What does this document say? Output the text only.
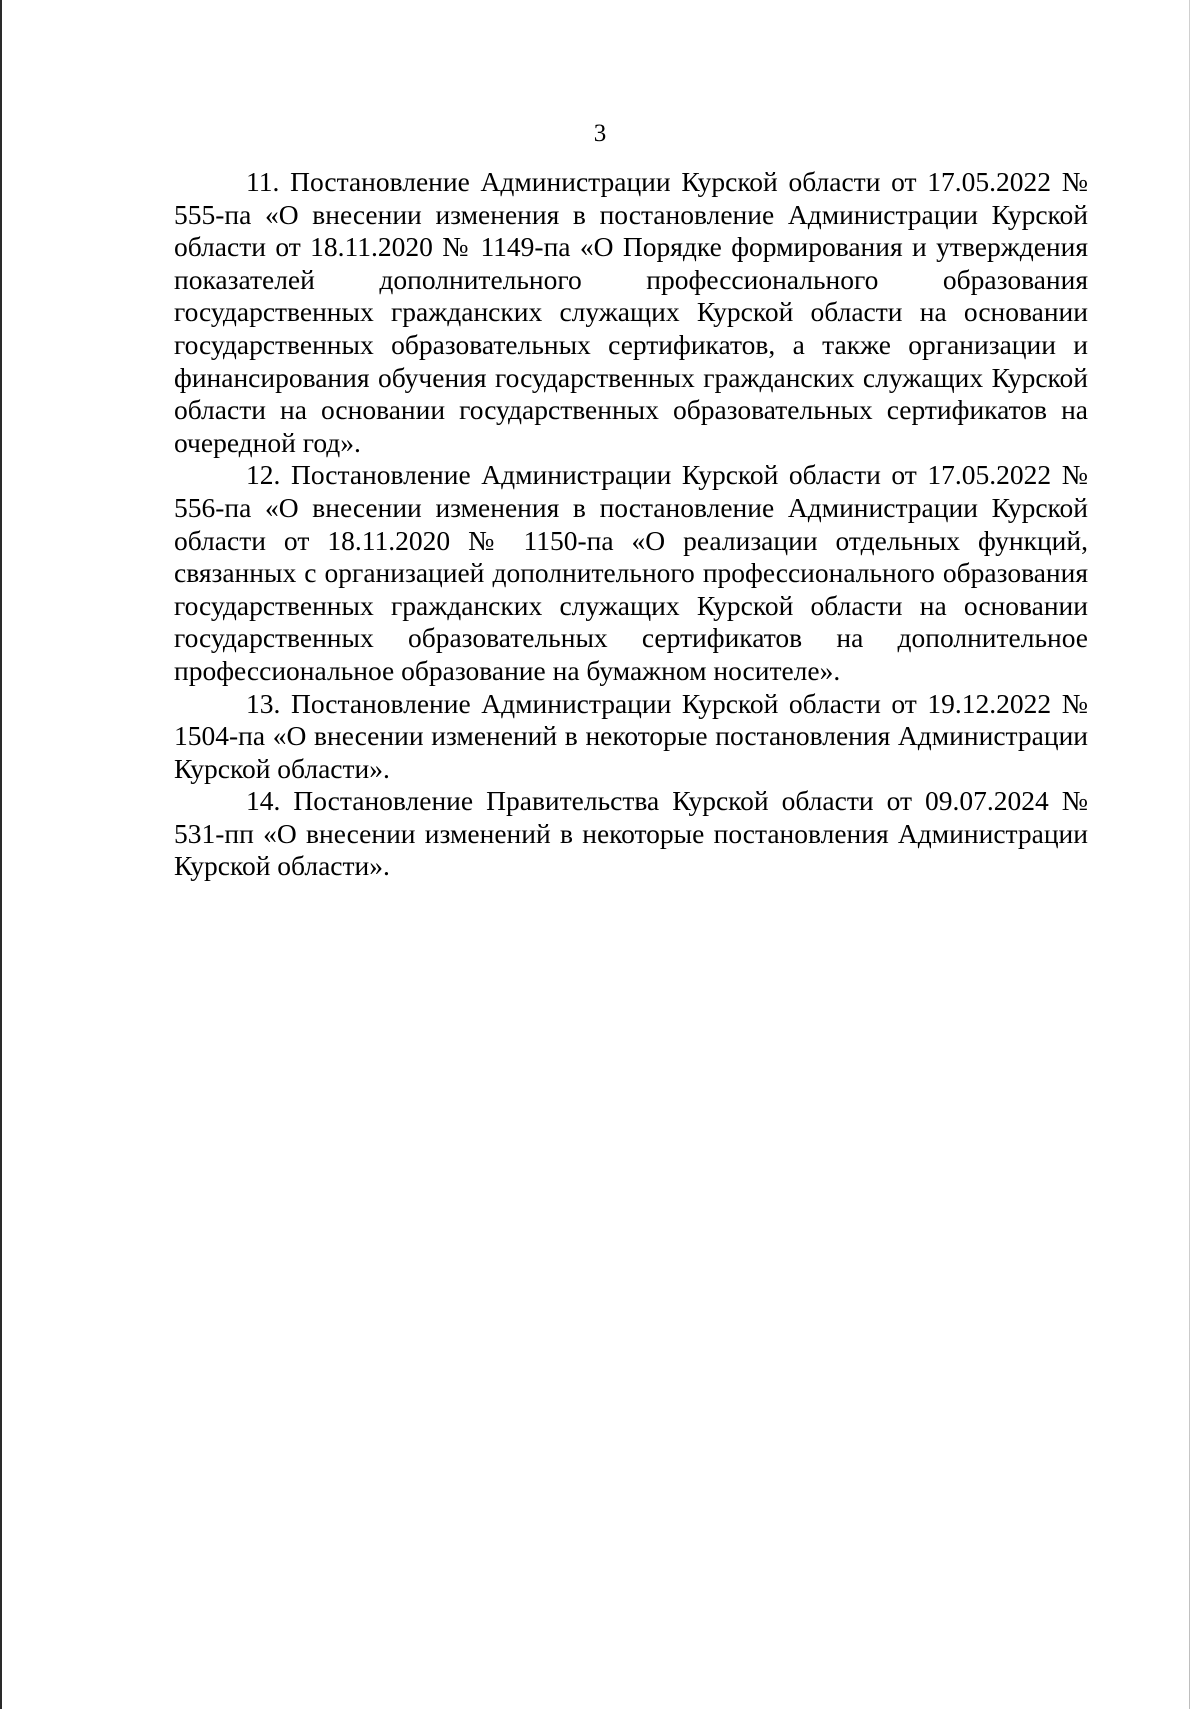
3

11. Постановление Администрации Курской области от 17.05.2022 № 555-па «О внесении изменения в постановление Администрации Курской области от 18.11.2020 № 1149-па «О Порядке формирования и утверждения показателей дополнительного профессионального образования государственных гражданских служащих Курской области на основании государственных образовательных сертификатов, а также организации и финансирования обучения государственных гражданских служащих Курской области на основании государственных образовательных сертификатов на очередной год».

12. Постановление Администрации Курской области от 17.05.2022 № 556-па «О внесении изменения в постановление Администрации Курской области от 18.11.2020 № 1150-па «О реализации отдельных функций, связанных с организацией дополнительного профессионального образования государственных гражданских служащих Курской области на основании государственных образовательных сертификатов на дополнительное профессиональное образование на бумажном носителе».

13. Постановление Администрации Курской области от 19.12.2022 № 1504-па «О внесении изменений в некоторые постановления Администрации Курской области».

14. Постановление Правительства Курской области от 09.07.2024 № 531-пп «О внесении изменений в некоторые постановления Администрации Курской области».
